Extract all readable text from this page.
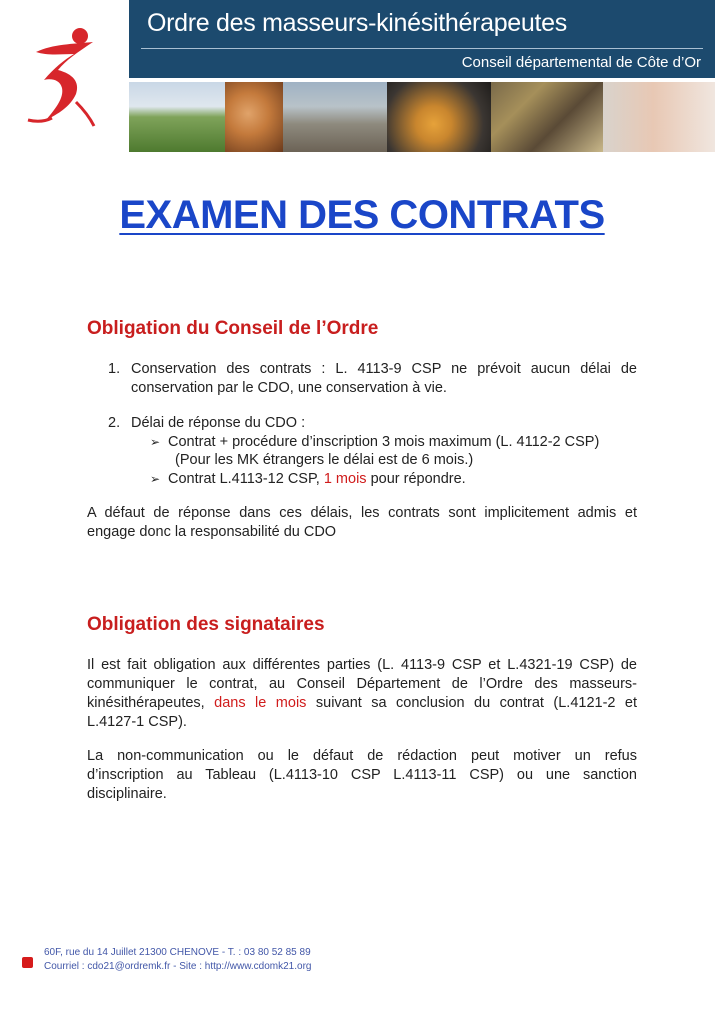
Ordre des masseurs-kinésithérapeutes
Conseil départemental de Côte d’Or
EXAMEN DES CONTRATS
Obligation du Conseil de l’Ordre
1. Conservation des contrats : L. 4113-9 CSP ne prévoit aucun délai de
conservation par le CDO, une conservation à vie.
2. Délai de réponse du CDO :
➢ Contrat + procédure d’inscription 3 mois maximum (L. 4112-2 CSP)
(Pour les MK étrangers le délai est de 6 mois.)
➢ Contrat L.4113-12 CSP, 1 mois pour répondre.
A défaut de réponse dans ces délais, les contrats sont implicitement admis et
engage donc la responsabilité du CDO
Obligation des signataires
Il est fait obligation aux différentes parties (L. 4113-9 CSP et L.4321-19 CSP) de
communiquer le contrat, au Conseil Département de l’Ordre des masseurs-
kinésithérapeutes, dans le mois suivant sa conclusion du contrat (L.4121-2 et
L.4127-1 CSP).
La non-communication ou le défaut de rédaction peut motiver un refus
d’inscription au Tableau (L.4113-10 CSP L.4113-11 CSP) ou une sanction
disciplinaire.
60F, rue du 14 Juillet 21300 CHENOVE - T. : 03 80 52 85 89
Courriel : cdo21@ordremk.fr - Site : http://www.cdomk21.org
